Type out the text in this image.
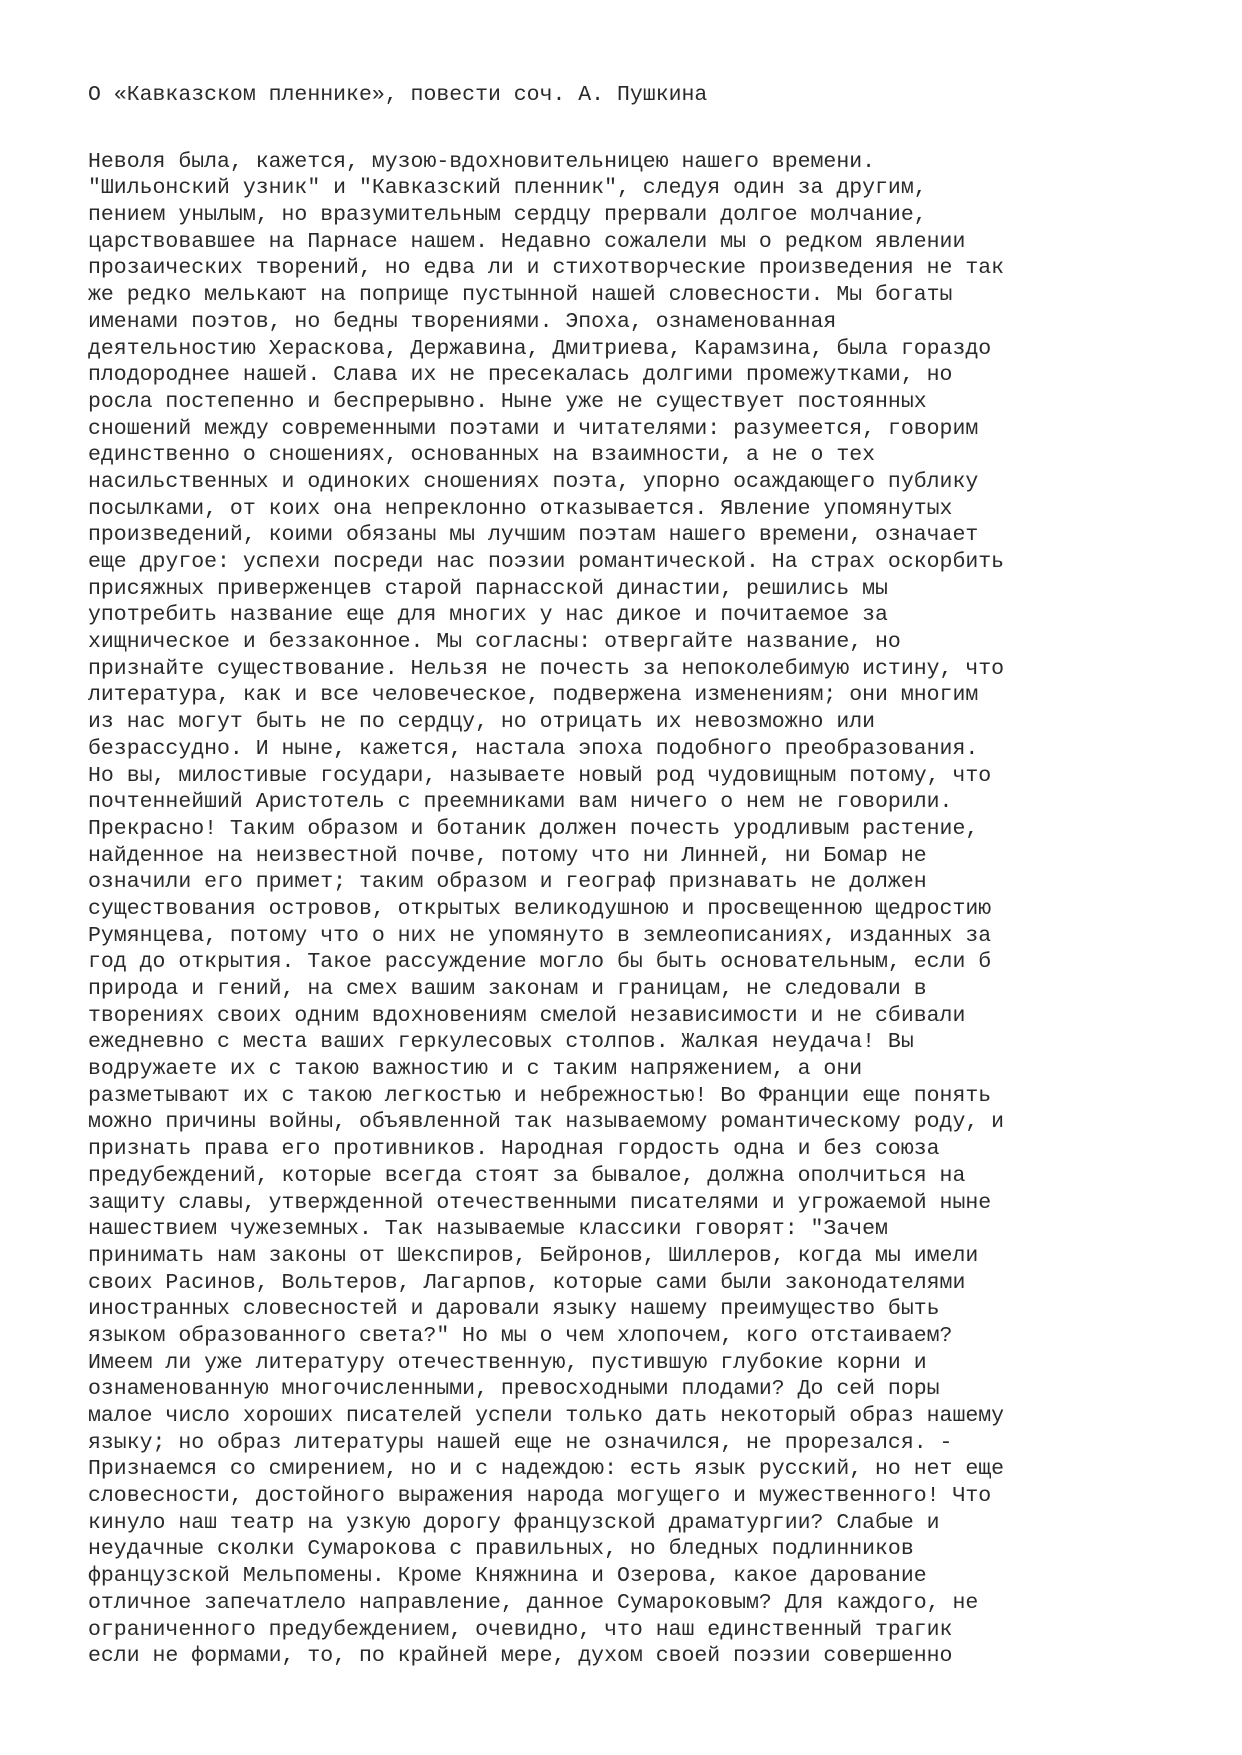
О «Кавказском пленнике», повести соч. А. Пушкина
Неволя была, кажется, музою-вдохновительницею нашего времени.
"Шильонский узник" и "Кавказский пленник", следуя один за другим,
пением унылым, но вразумительным сердцу прервали долгое молчание,
царствовавшее на Парнасе нашем. Недавно сожалели мы о редком явлении
прозаических творений, но едва ли и стихотворческие произведения не так
же редко мелькают на поприще пустынной нашей словесности. Мы богаты
именами поэтов, но бедны творениями. Эпоха, ознаменованная
деятельностию Хераскова, Державина, Дмитриева, Карамзина, была гораздо
плодороднее нашей. Слава их не пресекалась долгими промежутками, но
росла постепенно и беспрерывно. Ныне уже не существует постоянных
сношений между современными поэтами и читателями: разумеется, говорим
единственно о сношениях, основанных на взаимности, а не о тех
насильственных и одиноких сношениях поэта, упорно осаждающего публику
посылками, от коих она непреклонно отказывается. Явление упомянутых
произведений, коими обязаны мы лучшим поэтам нашего времени, означает
еще другое: успехи посреди нас поэзии романтической. На страх оскорбить
присяжных приверженцев старой парнасской династии, решились мы
употребить название еще для многих у нас дикое и почитаемое за
хищническое и беззаконное. Мы согласны: отвергайте название, но
признайте существование. Нельзя не почесть за непоколебимую истину, что
литература, как и все человеческое, подвержена изменениям; они многим
из нас могут быть не по сердцу, но отрицать их невозможно или
безрассудно. И ныне, кажется, настала эпоха подобного преобразования.
Но вы, милостивые государи, называете новый род чудовищным потому, что
почтеннейший Аристотель с преемниками вам ничего о нем не говорили.
Прекрасно! Таким образом и ботаник должен почесть уродливым растение,
найденное на неизвестной почве, потому что ни Линней, ни Бомар не
означили его примет; таким образом и географ признавать не должен
существования островов, открытых великодушною и просвещенною щедростию
Румянцева, потому что о них не упомянуто в землеописаниях, изданных за
год до открытия. Такое рассуждение могло бы быть основательным, если б
природа и гений, на смех вашим законам и границам, не следовали в
творениях своих одним вдохновениям смелой независимости и не сбивали
ежедневно с места ваших геркулесовых столпов. Жалкая неудача! Вы
водружаете их с такою важностию и с таким напряжением, а они
разметывают их с такою легкостью и небрежностью! Во Франции еще понять
можно причины войны, объявленной так называемому романтическому роду, и
признать права его противников. Народная гордость одна и без союза
предубеждений, которые всегда стоят за бывалое, должна ополчиться на
защиту славы, утвержденной отечественными писателями и угрожаемой ныне
нашествием чужеземных. Так называемые классики говорят: "Зачем
принимать нам законы от Шекспиров, Бейронов, Шиллеров, когда мы имели
своих Расинов, Вольтеров, Лагарпов, которые сами были законодателями
иностранных словесностей и даровали языку нашему преимущество быть
языком образованного света?" Но мы о чем хлопочем, кого отстаиваем?
Имеем ли уже литературу отечественную, пустившую глубокие корни и
ознаменованную многочисленными, превосходными плодами? До сей поры
малое число хороших писателей успели только дать некоторый образ нашему
языку; но образ литературы нашей еще не означился, не прорезался. -
Признаемся со смирением, но и с надеждою: есть язык русский, но нет еще
словесности, достойного выражения народа могущего и мужественного! Что
кинуло наш театр на узкую дорогу французской драматургии? Слабые и
неудачные сколки Сумарокова с правильных, но бледных подлинников
французской Мельпомены. Кроме Княжнина и Озерова, какое дарование
отличное запечатлело направление, данное Сумароковым? Для каждого, не
ограниченного предубеждением, очевидно, что наш единственный трагик
если не формами, то, по крайней мере, духом своей поэзии совершенно
